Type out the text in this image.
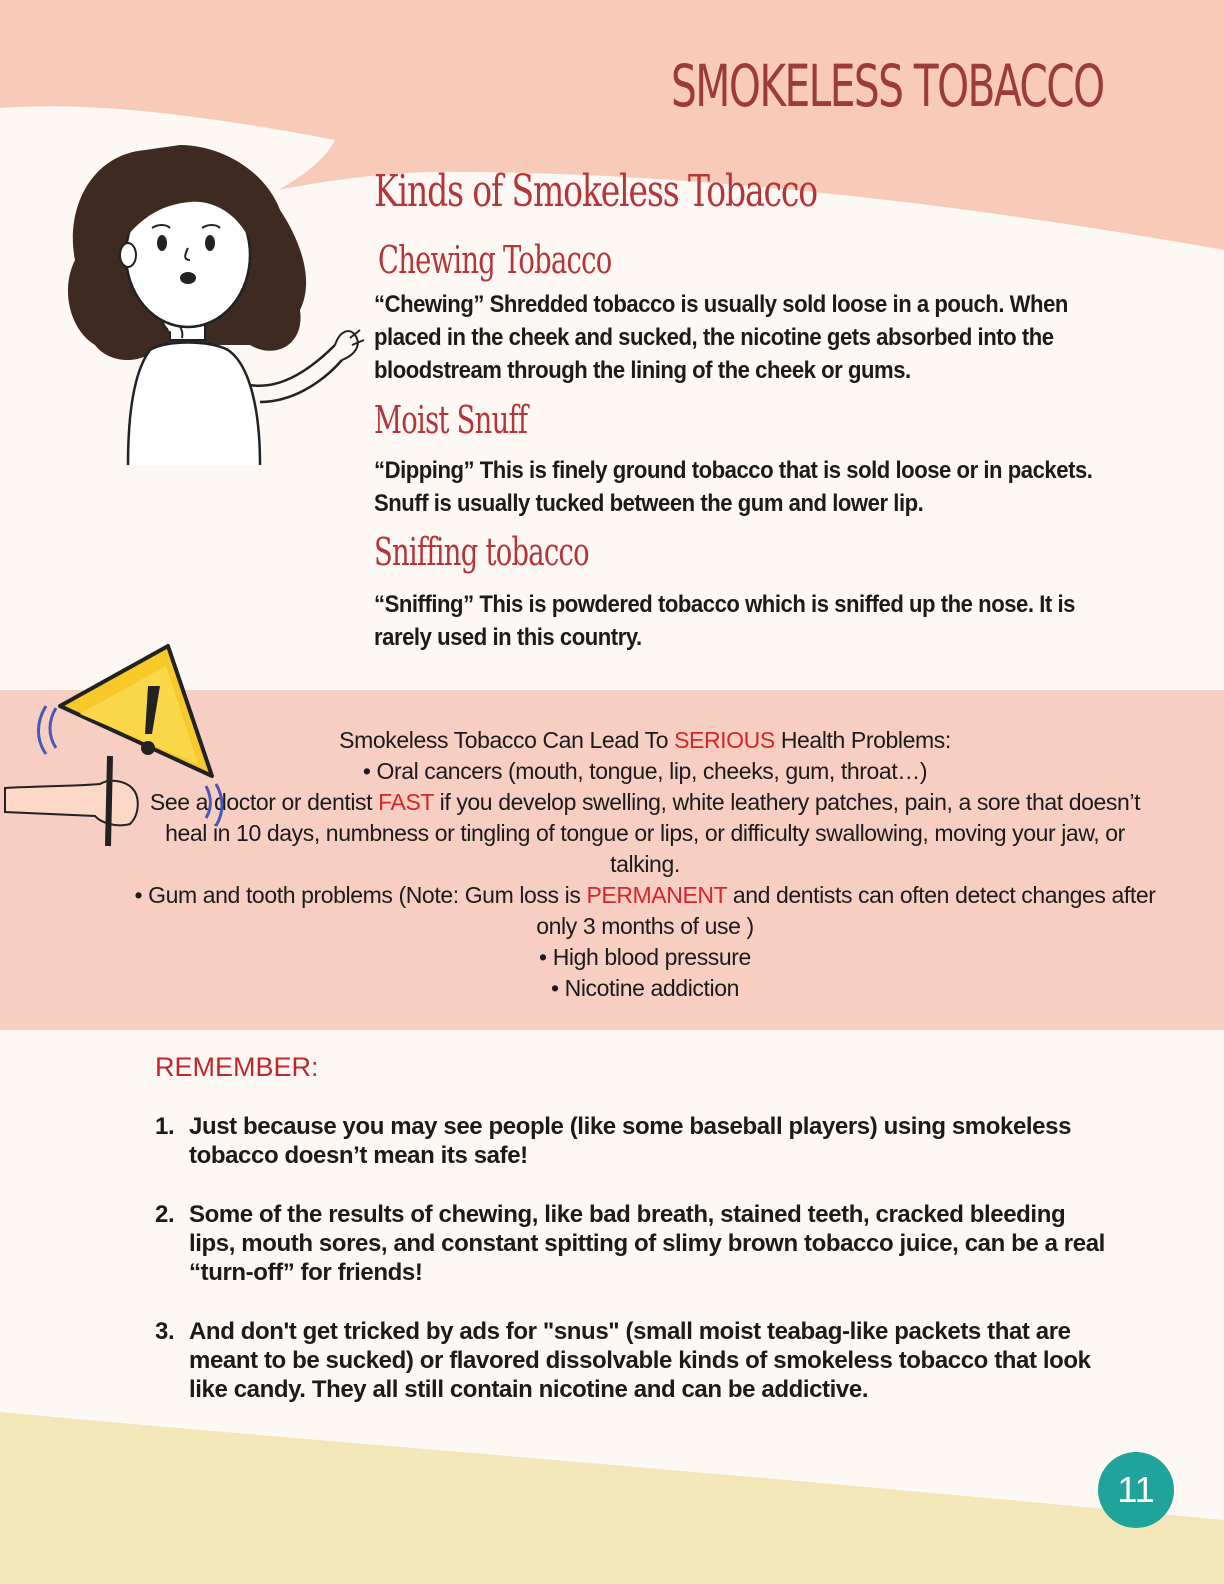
SMOKELESS TOBACCO
Kinds of Smokeless Tobacco
Chewing Tobacco
“Chewing” Shredded tobacco is usually sold loose in a pouch. When placed in the cheek and sucked, the nicotine gets absorbed into the bloodstream through the lining of the cheek or gums.
Moist Snuff
“Dipping” This is finely ground tobacco that is sold loose or in packets. Snuff is usually tucked between the gum and lower lip.
Sniffing tobacco
“Sniffing” This is powdered tobacco which is sniffed up the nose. It is rarely used in this country.
Smokeless Tobacco Can Lead To SERIOUS Health Problems:
• Oral cancers (mouth, tongue, lip, cheeks, gum, throat…)
See a doctor or dentist FAST if you develop swelling, white leathery patches, pain, a sore that doesn’t heal in 10 days, numbness or tingling of tongue or lips, or difficulty swallowing, moving your jaw, or talking.
• Gum and tooth problems (Note: Gum loss is PERMANENT and dentists can often detect changes after only 3 months of use )
• High blood pressure
• Nicotine addiction
REMEMBER:
1. Just because you may see people (like some baseball players) using smokeless tobacco doesn’t mean its safe!
2. Some of the results of chewing, like bad breath, stained teeth, cracked bleeding lips, mouth sores, and constant spitting of slimy brown tobacco juice, can be a real “turn-off” for friends!
3. And don't get tricked by ads for "snus" (small moist teabag-like packets that are meant to be sucked) or flavored dissolvable kinds of smokeless tobacco that look like candy. They all still contain nicotine and can be addictive.
11
